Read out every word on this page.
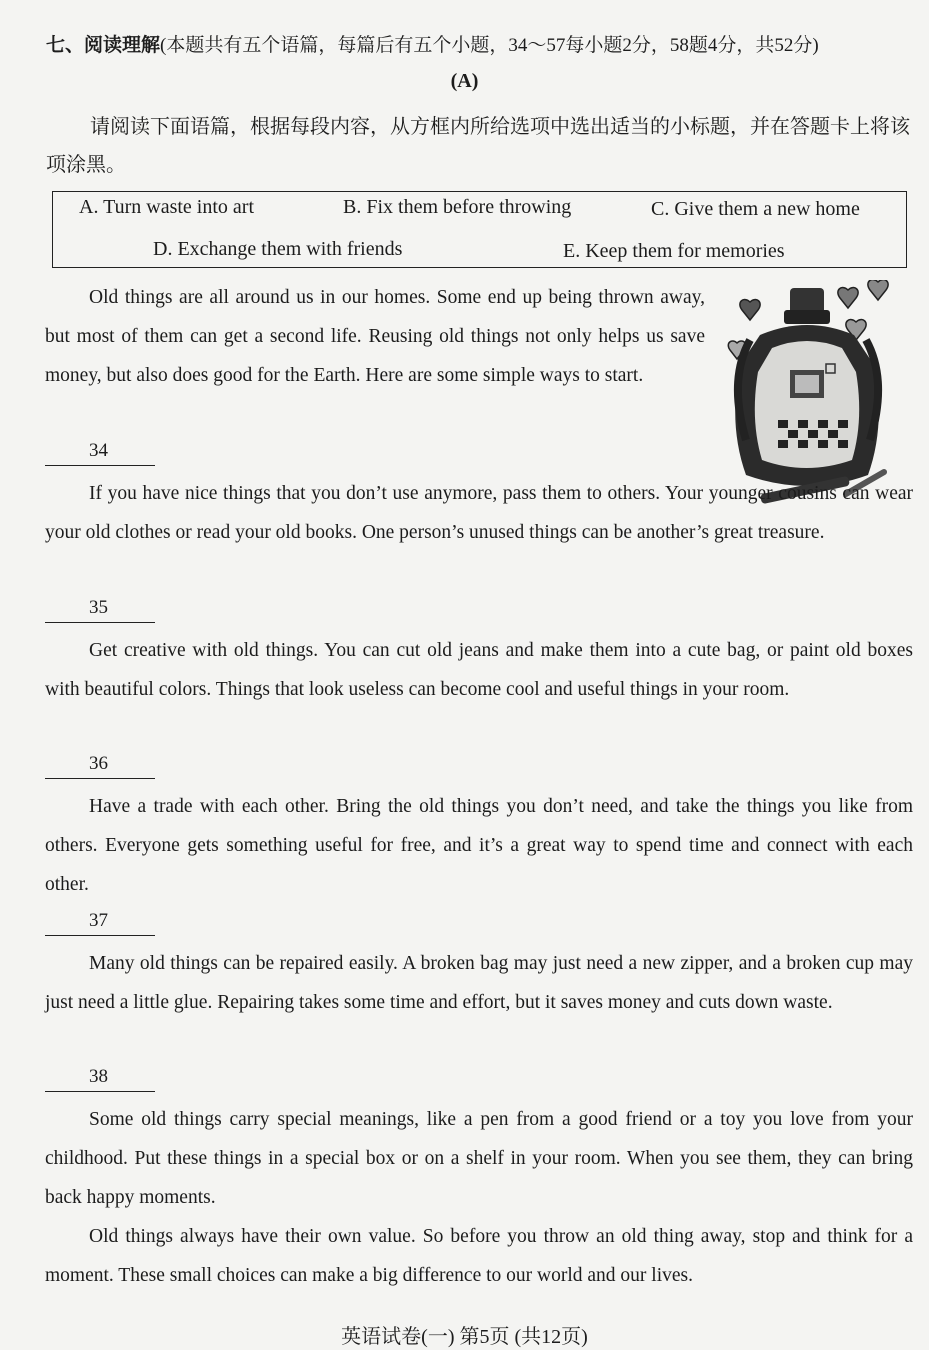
七、阅读理解(本题共有五个语篇，每篇后有五个小题，34～57每小题2分，58题4分，共52分)
(A)
请阅读下面语篇，根据每段内容，从方框内所给选项中选出适当的小标题，并在答题卡上将该项涂黑。
A. Turn waste into art	B. Fix them before throwing	C. Give them a new home
D. Exchange them with friends	E. Keep them for memories
Old things are all around us in our homes. Some end up being thrown away, but most of them can get a second life. Reusing old things not only helps us save money, but also does good for the Earth. Here are some simple ways to start.
34
If you have nice things that you don’t use anymore, pass them to others. Your younger cousins can wear your old clothes or read your old books. One person’s unused things can be another’s great treasure.
35
Get creative with old things. You can cut old jeans and make them into a cute bag, or paint old boxes with beautiful colors. Things that look useless can become cool and useful things in your room.
36
Have a trade with each other. Bring the old things you don’t need, and take the things you like from others. Everyone gets something useful for free, and it’s a great way to spend time and connect with each other.
37
Many old things can be repaired easily. A broken bag may just need a new zipper, and a broken cup may just need a little glue. Repairing takes some time and effort, but it saves money and cuts down waste.
38
Some old things carry special meanings, like a pen from a good friend or a toy you love from your childhood. Put these things in a special box or on a shelf in your room. When you see them, they can bring back happy moments.
Old things always have their own value. So before you throw an old thing away, stop and think for a moment. These small choices can make a big difference to our world and our lives.
英语试卷(一) 第5页 (共12页)
